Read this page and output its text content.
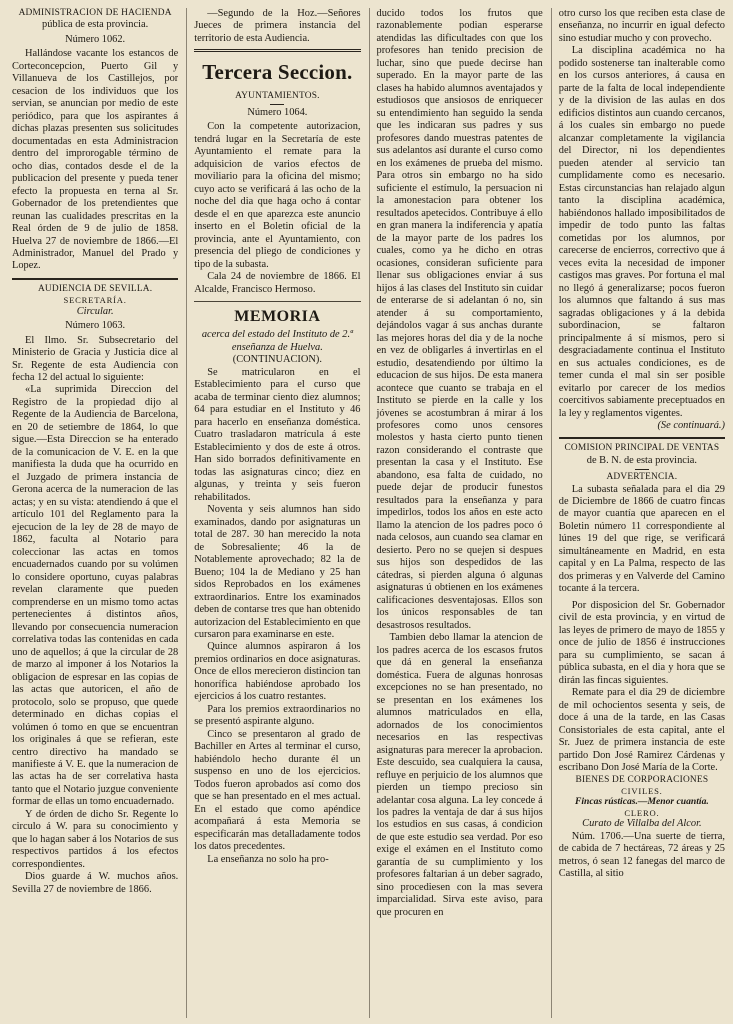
ADMINISTRACION DE HACIENDA

pública de esta provincia.

Número 1062.

Hallándose vacante los estancos de Corteconcepcion, Puerto Gil y Villanueva de los Castillejos, por cesacion de los individuos que los servian, se anuncian por medio de este periódico, para que los aspirantes á dichas plazas presenten sus solicitudes documentadas en esta Administracion dentro del improrogable término de ocho dias, contados desde el de la publicacion del presente y pueda tener efecto la propuesta en terna al Sr. Gobernador de los pretendientes que reunan las cualidades prescritas en la Real órden de 9 de julio de 1858. Huelva 27 de noviembre de 1866.—El Administrador, Manuel del Prado y Lopez.

AUDIENCIA DE SEVILLA.

SECRETARÍA.

Circular.

Número 1063.

El Ilmo. Sr. Subsecretario del Ministerio de Gracia y Justicia dice al Sr. Regente de esta Audiencia con fecha 12 del actual lo siguiente:

«La suprimida Direccion del Registro de la propiedad dijo al Regente de la Audiencia de Barcelona, en 20 de setiembre de 1864, lo que sigue.—Esta Direccion se ha enterado de la comunicacion de V. E. en la que manifiesta la duda que ha ocurrido en el Juzgado de primera instancia de Gerona acerca de la numeracion de las actas; y en su vista: atendiendo á que el artículo 101 del Reglamento para la ejecucion de la ley de 28 de mayo de 1862, faculta al Notario para coleccionar las actas en tomos encuadernados cuando por su volúmen lo considere oportuno, cuyas palabras revelan claramente que pueden comprenderse en un mismo tomo actas pertenecientes á distintos años, llevando por consecuencia numeracion correlativa todas las contenidas en cada uno de aquellos; á que la circular de 28 de marzo al imponer á los Notarios la obligacion de espresar en las copias de las actas que autoricen, el año de protocolo, solo se propuso, que quede determinado en dichas copias el volúmen ó tomo en que se encuentran los originales á que se refieran, este centro directivo ha mandado se manifieste á V. E. que la numeracion de las actas ha de ser correlativa hasta tanto que el Notario juzgue conveniente formar de ellas un tomo encuadernado.

Y de órden de dicho Sr. Regente lo circulo á W. para su conocimiento y que lo hagan saber á los Notarios de sus respectivos partidos á los efectos correspondientes.

Dios guarde á W. muchos años. Sevilla 27 de noviembre de 1866.

—Segundo de la Hoz.—Señores Jueces de primera instancia del territorio de esta Audiencia.

Tercera Seccion.

AYUNTAMIENTOS.

Número 1064.

Con la competente autorizacion, tendrá lugar en la Secretaría de este Ayuntamiento el remate para la adquisicion de varios efectos de moviliario para la oficina del mismo; cuyo acto se verificará á las ocho de la noche del dia que haga ocho á contar desde el en que aparezca este anuncio inserto en el Boletin oficial de la provincia, ante el Ayuntamiento, con presencia del pliego de condiciones y tipo de la subasta.

Cala 24 de noviembre de 1866. El Alcalde, Francisco Hermoso.

MEMORIA

acerca del estado del Instituto de 2.ª enseñanza de Huelva.

(CONTINUACION).

Se matricularon en el Establecimiento para el curso que acaba de terminar ciento diez alumnos; 64 para estudiar en el Instituto y 46 para hacerlo en enseñanza doméstica. Cuatro trasladaron matrícula á este Establecimiento y dos de este á otros. Han sido borrados definitivamente en todas las asignaturas cinco; diez en algunas, y treinta y seis fueron rehabilitados.

Noventa y seis alumnos han sido examinados, dando por asignaturas un total de 287. 30 han merecido la nota de Sobresaliente; 46 la de Notablemente aprovechado; 82 la de Bueno; 104 la de Mediano y 25 han sidos Reprobados en los exámenes extraordinarios. Entre los examinados deben de contarse tres que han obtenido autorizacion del Establecimiento en que cursaron para examinarse en este.

Quince alumnos aspiraron á los premios ordinarios en doce asignaturas. Once de ellos merecieron distincion tan honorífica habiéndose aprobado los ejercicios á los cuatro restantes.

Para los premios extraordinarios no se presentó aspirante alguno.

Cinco se presentaron al grado de Bachiller en Artes al terminar el curso, habiéndolo hecho durante él un suspenso en uno de los ejercicios. Todos fueron aprobados así como dos que se han presentado en el mes actual. En el estado que como apéndice acompañará á esta Memoria se especificarán mas detalladamente todos los datos precedentes.

La enseñanza no solo ha pro-

ducido todos los frutos que razonablemente podian esperarse atendidas las dificultades con que los profesores han tenido precision de luchar, sino que puede decirse han superado. En la mayor parte de las clases ha habido alumnos aventajados y estudiosos que ansiosos de enriquecer su entendimiento han seguido la senda que les indicaran sus padres y sus profesores dando muestras patentes de sus adelantos así durante el curso como en los exámenes de prueba del mismo. Para otros sin embargo no ha sido suficiente el estímulo, la persuacion ni la amonestacion para obtener los resultados apetecidos. Contribuye á ello en gran manera la indiferencia y apatía de la mayor parte de los padres los cuales, como ya he dicho en otras ocasiones, consideran suficiente para llenar sus obligaciones enviar á sus hijos á las clases del Instituto sin cuidar de enterarse de si adelantan ó no, sin atender á su comportamiento, dejándolos vagar á sus anchas durante las mejores horas del dia y de la noche en vez de obligarles á invertirlas en el estudio, desatendiendo por último la educacion de sus hijos. De esta manera acontece que cuanto se trabaja en el Instituto se pierde en la calle y los jóvenes se acostumbran á mirar á los profesores como unos censores molestos y hasta cierto punto tienen razon considerando el contraste que presentan la casa y el Instituto. Ese abandono, esa falta de cuidado, no puede dejar de producir funestos resultados para la enseñanza y para impedirlos, todos los años en este acto llamo la atencion de los padres poco ó nada celosos, aun cuando sea clamar en desierto. Pero no se quejen si despues sus hijos son despedidos de las cátedras, si pierden alguna ó algunas asignaturas ú obtienen en los exámenes calificaciones desventajosas. Ellos son los únicos responsables de tan desastrosos resultados.

Tambien debo llamar la atencion de los padres acerca de los escasos frutos que dá en general la enseñanza doméstica. Fuera de algunas honrosas excepciones no se han presentado, no se presentan en los exámenes los alumnos matriculados en ella, adornados de los conocimientos necesarios en las respectivas asignaturas para merecer la aprobacion. Este descuido, sea cualquiera la causa, refluye en perjuicio de los alumnos que pierden un tiempo precioso sin adelantar cosa alguna. La ley concede á los padres la ventaja de dar á sus hijos los estudios en sus casas, á condicion de que este estudio sea verdad. Por eso exige el exámen en el Instituto como garantía de su cumplimiento y los profesores faltarian á un deber sagrado, sino procediesen con la mas severa imparcialidad. Sirva este aviso, para que procuren en

otro curso los que reciben esta clase de enseñanza, no incurrir en igual defecto sino estudiar mucho y con provecho.

La disciplina académica no ha podido sostenerse tan inalterable como en los cursos anteriores, á causa en parte de la falta de local independiente y de la division de las aulas en dos edificios distintos aun cuando cercanos, á los cuales sin embargo no puede alcanzar completamente la vigilancia del Director, ni los dependientes pueden atender al servicio tan cumplidamente como es necesario. Estas circunstancias han relajado algun tanto la disciplina académica, habiéndonos hallado imposibilitados de impedir de todo punto las faltas cometidas por los alumnos, por carecerse de encierros, correctivo que á veces evita la necesidad de imponer castigos mas graves. Por fortuna el mal no llegó á generalizarse; pocos fueron los alumnos que faltando á sus mas sagradas obligaciones y á la debida subordinacion, se faltaron principalmente á sí mismos, pero si desgraciadamente continua el Instituto en sus actuales condiciones, es de temer cunda el mal sin ser posible evitarlo por carecer de los medios coercitivos sabiamente preceptuados en la ley y reglamentos vigentes.

(Se continuará.)

COMISION PRINCIPAL DE VENTAS

de B. N. de esta provincia.

ADVERTENCIA.

La subasta señalada para el dia 29 de Diciembre de 1866 de cuatro fincas de mayor cuantía que aparecen en el Boletin número 11 correspondiente al lúnes 19 del que rige, se verificará simultáneamente en Madrid, en esta capital y en La Palma, respecto de las dos primeras y en Valverde del Camino tocante á la tercera.

Por disposicion del Sr. Gobernador civil de esta provincia, y en virtud de las leyes de primero de mayo de 1855 y once de julio de 1856 é instrucciones para su cumplimiento, se sacan á pública subasta, en el dia y hora que se dirán las fincas siguientes.

Remate para el dia 29 de diciembre de mil ochocientos sesenta y seis, de doce á una de la tarde, en las Casas Consistoriales de esta capital, ante el Sr. Juez de primera instancia de este partido Don José Ramirez Cárdenas y escribano Don José María de la Corte.

BIENES DE CORPORACIONES

CIVILES.

Fincas rústicas.—Menor cuantía.

CLERO.

Curato de Villalba del Alcor.

Núm. 1706.—Una suerte de tierra, de cabida de 7 hectáreas, 72 áreas y 25 metros, ó sean 12 fanegas del marco de Castilla, al sitio
